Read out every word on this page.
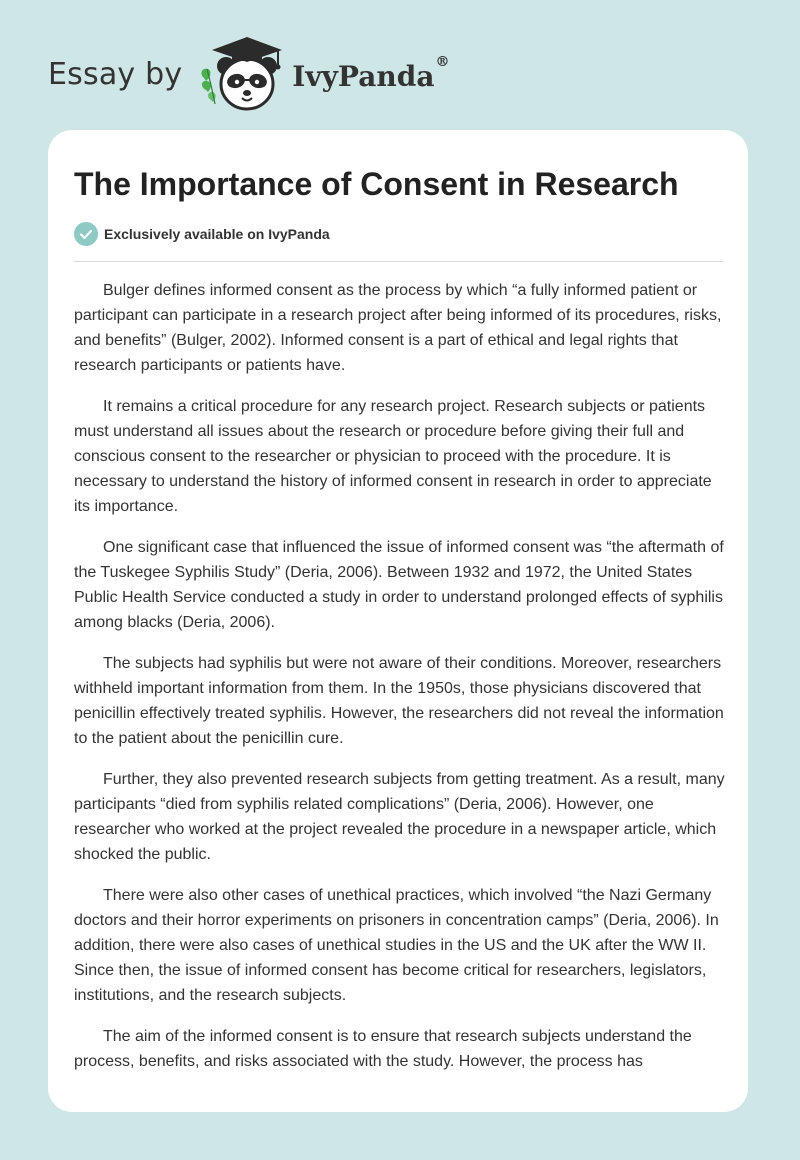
Essay by	IvyPanda®
The Importance of Consent in Research
Exclusively available on IvyPanda

Bulger defines informed consent as the process by which “a fully informed patient or participant can participate in a research project after being informed of its procedures, risks, and benefits” (Bulger, 2002). Informed consent is a part of ethical and legal rights that research participants or patients have.

It remains a critical procedure for any research project. Research subjects or patients must understand all issues about the research or procedure before giving their full and conscious consent to the researcher or physician to proceed with the procedure. It is necessary to understand the history of informed consent in research in order to appreciate its importance.

One significant case that influenced the issue of informed consent was “the aftermath of the Tuskegee Syphilis Study” (Deria, 2006). Between 1932 and 1972, the United States Public Health Service conducted a study in order to understand prolonged effects of syphilis among blacks (Deria, 2006).

The subjects had syphilis but were not aware of their conditions. Moreover, researchers withheld important information from them. In the 1950s, those physicians discovered that penicillin effectively treated syphilis. However, the researchers did not reveal the information to the patient about the penicillin cure.

Further, they also prevented research subjects from getting treatment. As a result, many participants “died from syphilis related complications” (Deria, 2006). However, one researcher who worked at the project revealed the procedure in a newspaper article, which shocked the public.

There were also other cases of unethical practices, which involved “the Nazi Germany doctors and their horror experiments on prisoners in concentration camps” (Deria, 2006). In addition, there were also cases of unethical studies in the US and the UK after the WW II. Since then, the issue of informed consent has become critical for researchers, legislators, institutions, and the research subjects.

The aim of the informed consent is to ensure that research subjects understand the process, benefits, and risks associated with the study. However, the process has
